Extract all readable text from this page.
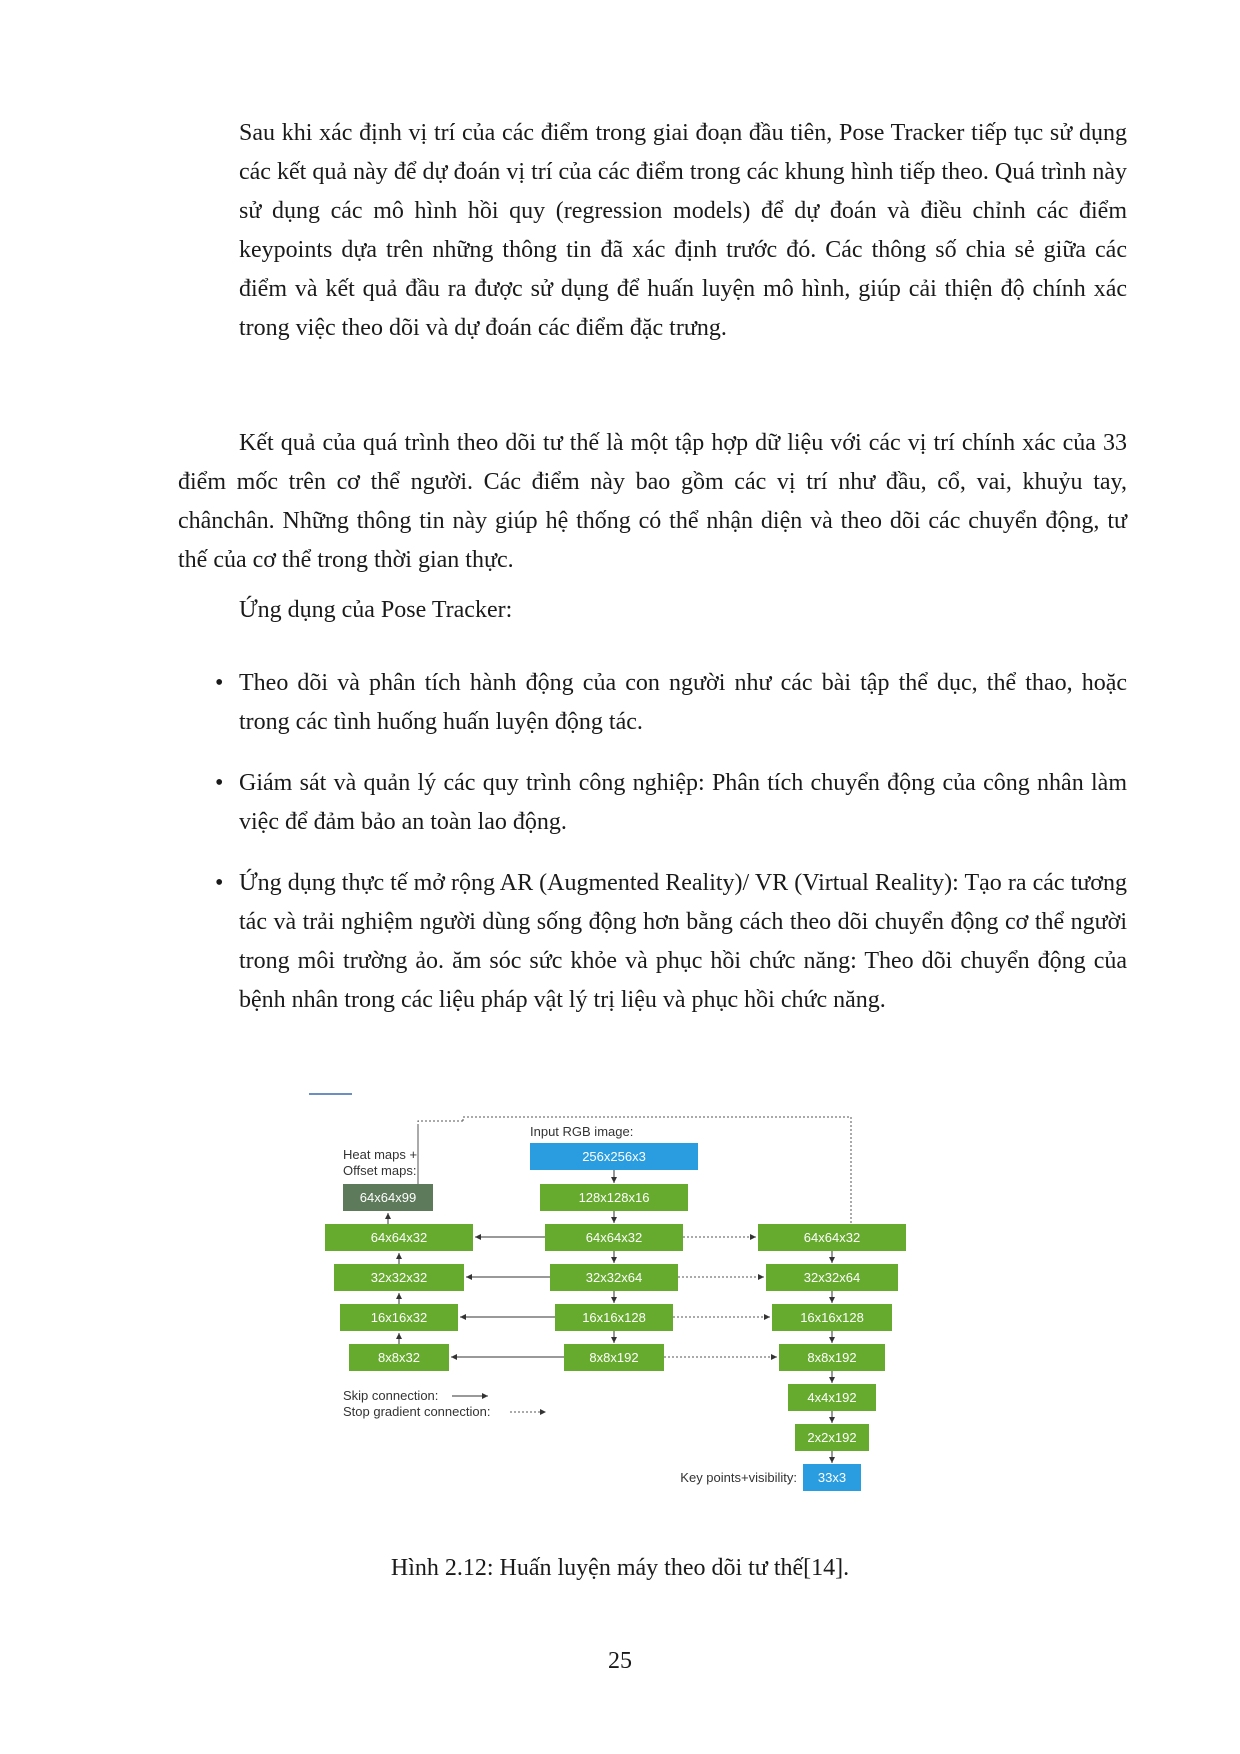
Sau khi xác định vị trí của các điểm trong giai đoạn đầu tiên, Pose Tracker tiếp tục sử dụng các kết quả này để dự đoán vị trí của các điểm trong các khung hình tiếp theo. Quá trình này sử dụng các mô hình hồi quy (regression models) để dự đoán và điều chỉnh các điểm keypoints dựa trên những thông tin đã xác định trước đó. Các thông số chia sẻ giữa các điểm và kết quả đầu ra được sử dụng để huấn luyện mô hình, giúp cải thiện độ chính xác trong việc theo dõi và dự đoán các điểm đặc trưng.
Kết quả của quá trình theo dõi tư thế là một tập hợp dữ liệu với các vị trí chính xác của 33 điểm mốc trên cơ thể người. Các điểm này bao gồm các vị trí như đầu, cổ, vai, khuỷu tay, chânchân. Những thông tin này giúp hệ thống có thể nhận diện và theo dõi các chuyển động, tư thế của cơ thể trong thời gian thực.
Ứng dụng của Pose Tracker:
• Theo dõi và phân tích hành động của con người như các bài tập thể dục, thể thao, hoặc trong các tình huống huấn luyện động tác.
• Giám sát và quản lý các quy trình công nghiệp: Phân tích chuyển động của công nhân làm việc để đảm bảo an toàn lao động.
• Ứng dụng thực tế mở rộng AR (Augmented Reality)/ VR (Virtual Reality): Tạo ra các tương tác và trải nghiệm người dùng sống động hơn bằng cách theo dõi chuyển động cơ thể người trong môi trường ảo. ăm sóc sức khỏe và phục hồi chức năng: Theo dõi chuyển động của bệnh nhân trong các liệu pháp vật lý trị liệu và phục hồi chức năng.
Input RGB image:
Heat maps +
Offset maps:
256x256x3
128x128x16
64x64x32
32x32x64
16x16x128
8x8x192
64x64x99
64x64x32
32x32x32
16x16x32
8x8x32
64x64x32
32x32x64
16x16x128
8x8x192
4x4x192
2x2x192
33x3
Key points+visibility:
Skip connection:
Stop gradient connection:
Hình 2.12: Huấn luyện máy theo dõi tư thế[14].
25
